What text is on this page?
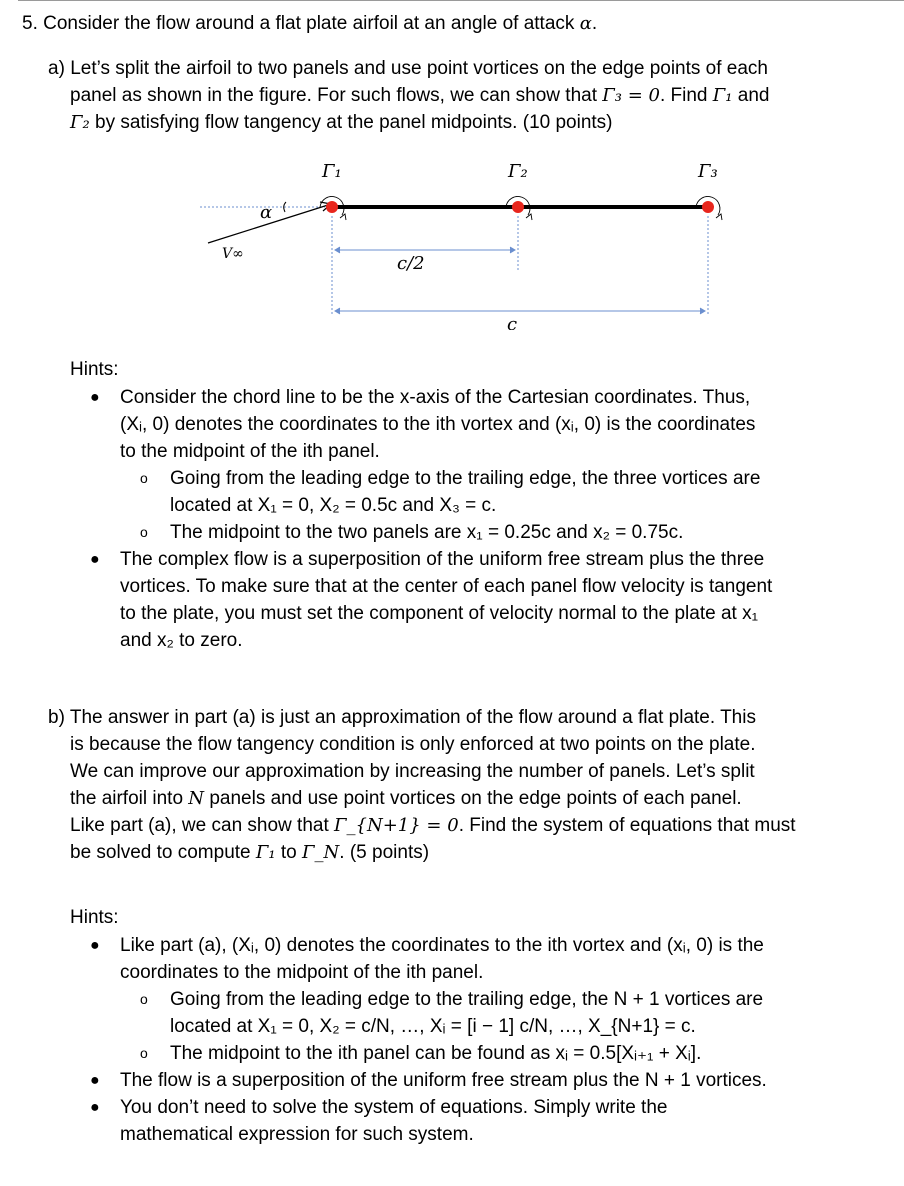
5. Consider the flow around a flat plate airfoil at an angle of attack α.

a) Let’s split the airfoil to two panels and use point vortices on the edge points of each

panel as shown in the figure. For such flows, we can show that Γ₃ = 0. Find Γ₁ and

Γ₂ by satisfying flow tangency at the panel midpoints. (10 points)

α
V∞
Γ₁	Γ₂	Γ₃
c/2
c
Hints:
● Consider the chord line to be the x-axis of the Cartesian coordinates. Thus,
(Xᵢ, 0) denotes the coordinates to the ith vortex and (xᵢ, 0) is the coordinates
to the midpoint of the ith panel.
o Going from the leading edge to the trailing edge, the three vortices are
located at X₁ = 0, X₂ = 0.5c and X₃ = c.
o The midpoint to the two panels are x₁ = 0.25c and x₂ = 0.75c.
● The complex flow is a superposition of the uniform free stream plus the three
vortices. To make sure that at the center of each panel flow velocity is tangent
to the plate, you must set the component of velocity normal to the plate at x₁
and x₂ to zero.

b) The answer in part (a) is just an approximation of the flow around a flat plate. This

is because the flow tangency condition is only enforced at two points on the plate.

We can improve our approximation by increasing the number of panels. Let’s split

the airfoil into N panels and use point vortices on the edge points of each panel.

Like part (a), we can show that Γ_{N+1} = 0. Find the system of equations that must

be solved to compute Γ₁ to Γ_N. (5 points)

Hints:
● Like part (a), (Xᵢ, 0) denotes the coordinates to the ith vortex and (xᵢ, 0) is the
coordinates to the midpoint of the ith panel.
o Going from the leading edge to the trailing edge, the N + 1 vortices are
located at X₁ = 0, X₂ = c/N, …, Xᵢ = [i − 1] c/N, …, X_{N+1} = c.
o The midpoint to the ith panel can be found as xᵢ = 0.5[Xᵢ₊₁ + Xᵢ].
● The flow is a superposition of the uniform free stream plus the N + 1 vortices.
● You don’t need to solve the system of equations. Simply write the
mathematical expression for such system.
